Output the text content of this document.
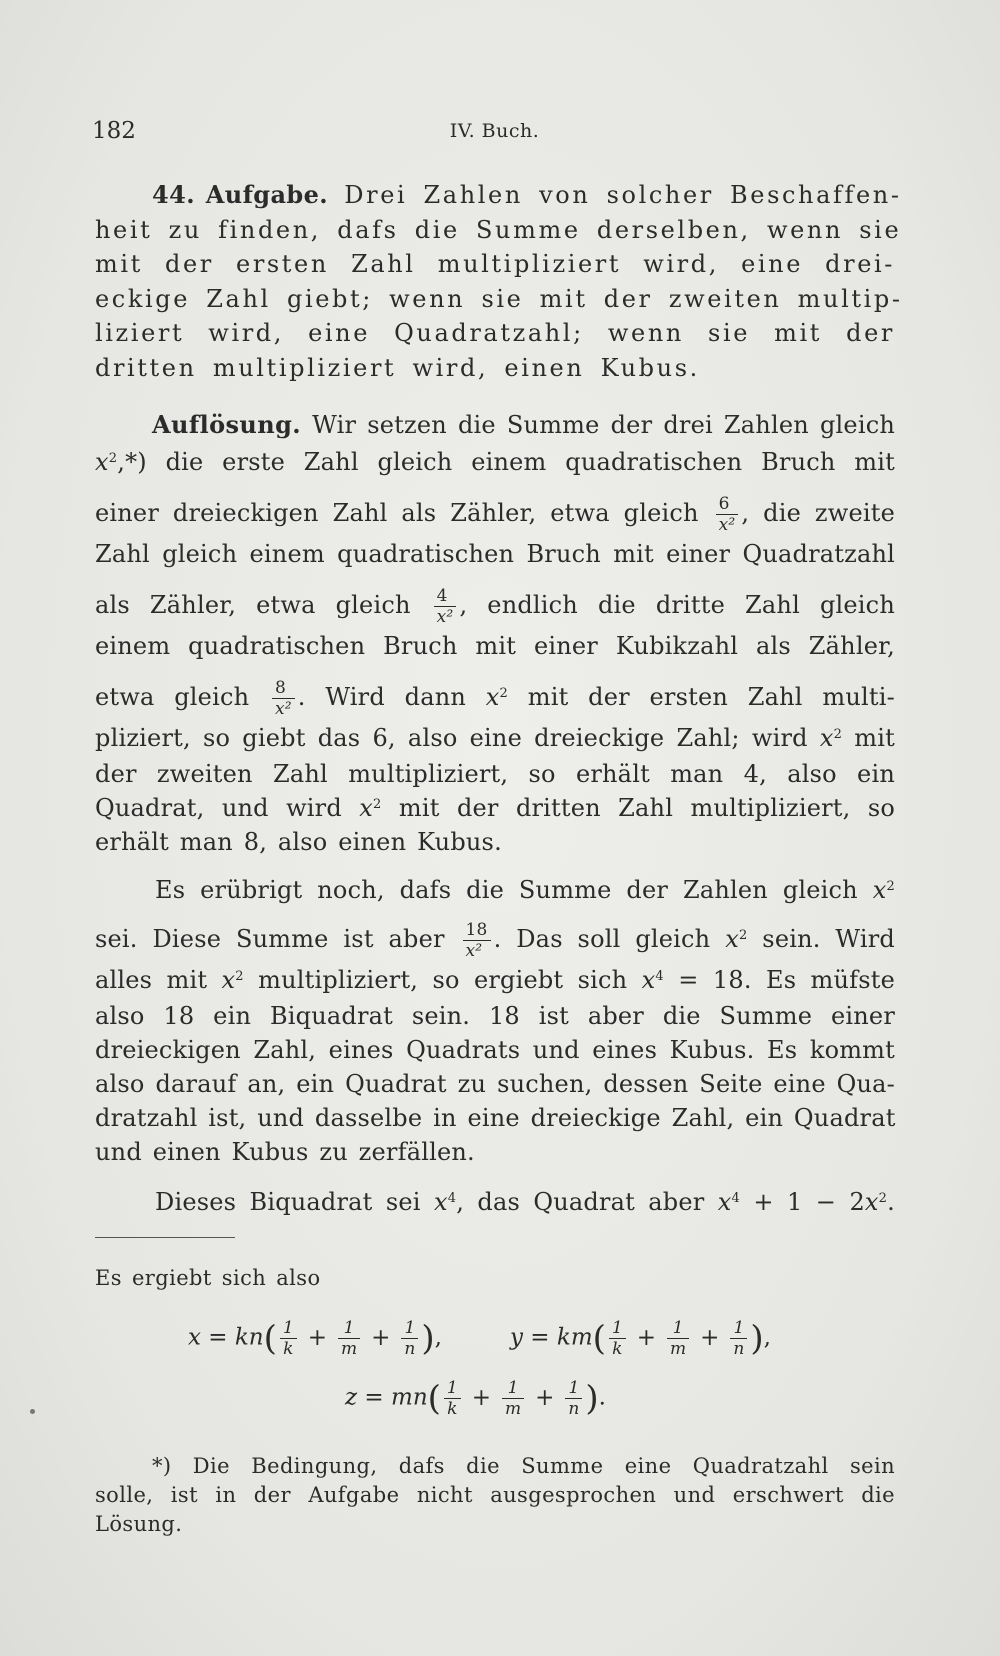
182	IV. Buch.
44. Aufgabe. Drei Zahlen von solcher Beschaffen-
heit zu finden, dafs die Summe derselben, wenn sie
mit der ersten Zahl multipliziert wird, eine drei-
eckige Zahl giebt; wenn sie mit der zweiten multip-
liziert wird, eine Quadratzahl; wenn sie mit der
dritten multipliziert wird, einen Kubus.
Auflösung. Wir setzen die Summe der drei Zahlen gleich
$x^2,*$) die erste Zahl gleich einem quadratischen Bruch mit
einer dreieckigen Zahl als Zähler, etwa gleich $\frac{6}{\text{x²}}$ , die zweite
Zahl gleich einem quadratischen Bruch mit einer Quadratzahl
als Zähler, etwa gleich $\frac{4}{\text{x²}}$ , endlich die dritte Zahl gleich
einem quadratischen Bruch mit einer Kubikzahl als Zähler,
etwa gleich $\frac{8}{\text{x²}}$ . Wird dann $x^2$ mit der ersten Zahl multi-
pliziert, so giebt das 6, also eine dreieckige Zahl; wird $x^2$ mit
der zweiten Zahl multipliziert, so erhält man 4, also ein
Quadrat, und wird $x^2$ mit der dritten Zahl multipliziert, so
erhält man 8, also einen Kubus.
Es erübrigt noch, dafs die Summe der Zahlen gleich $x^2$
sei. Diese Summe ist aber $\frac{18}{\text{x²}}$ . Das soll gleich $x^2$ sein. Wird
alles mit $x^2$ multipliziert, so ergiebt sich $x^4 = 18$. Es müfste
also 18 ein Biquadrat sein. 18 ist aber die Summe einer
dreieckigen Zahl, eines Quadrats und eines Kubus. Es kommt
also darauf an, ein Quadrat zu suchen, dessen Seite eine Qua-
dratzahl ist, und dasselbe in eine dreieckige Zahl, ein Quadrat
und einen Kubus zu zerfällen.
Dieses Biquadrat sei $x^4$, das Quadrat aber $x^4 + 1 - 2x^2$.
Es ergiebt sich also
$x = kn( \frac{1}{k} + \frac{1}{m} + \frac{1}{n}$ ),	$y = km( \frac{1}{k} + \frac{1}{m} + \frac{1}{n}$ ),
$z = mn( \frac{1}{k} + \frac{1}{m} + \frac{1}{n}$ ).
*) Die Bedingung, dafs die Summe eine Quadratzahl sein
solle, ist in der Aufgabe nicht ausgesprochen und erschwert die
Lösung.
